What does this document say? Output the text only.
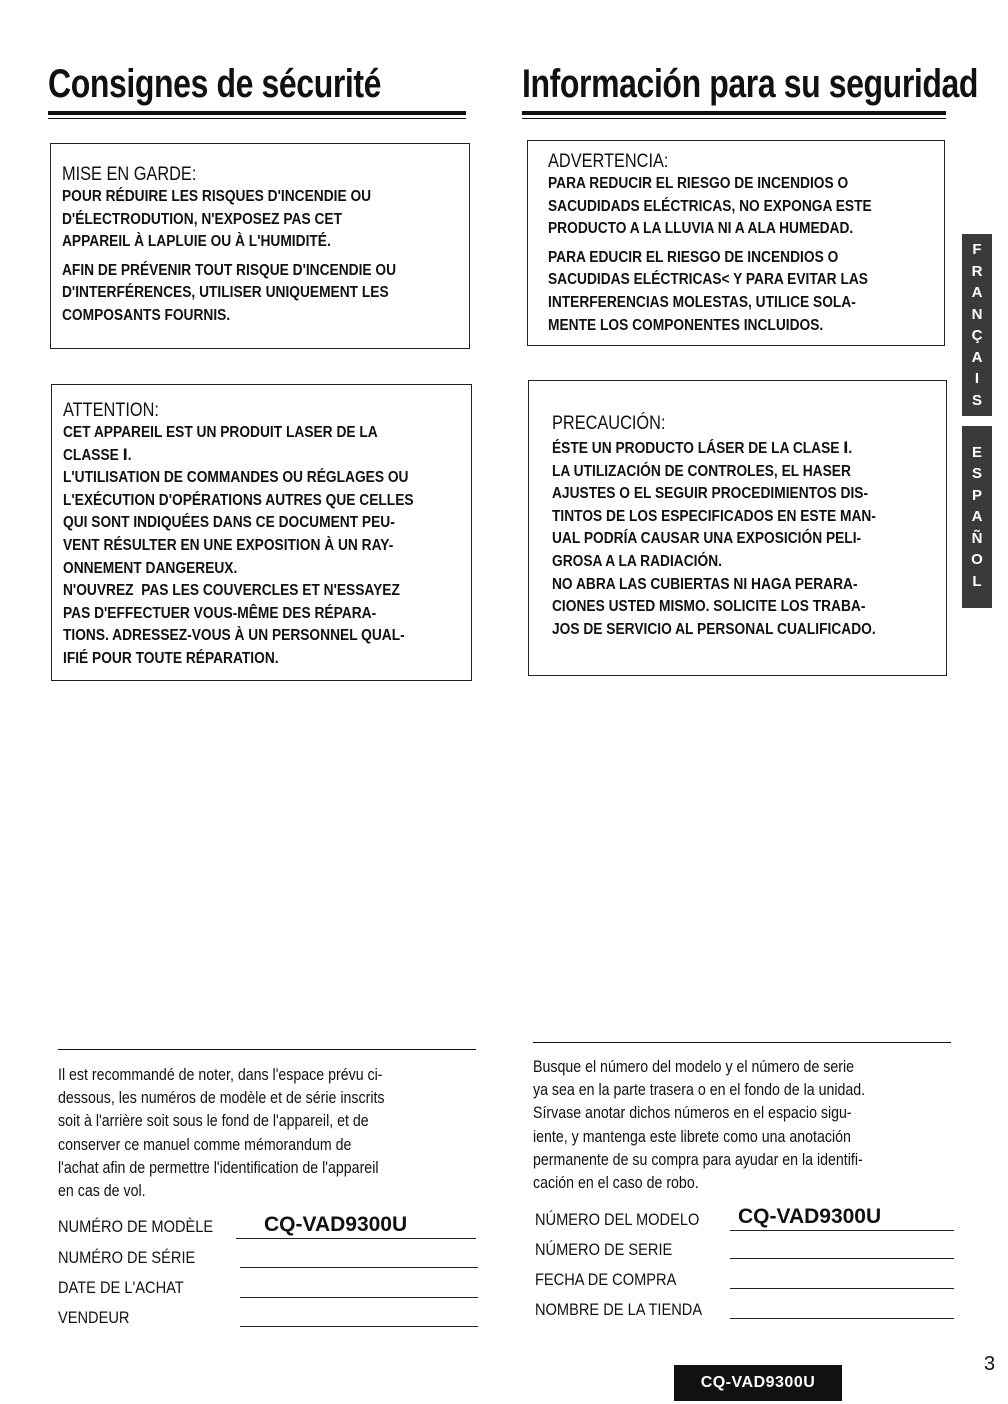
Consignes de sécurité
MISE EN GARDE:

POUR RÉDUIRE LES RISQUES D'INCENDIE OU
D'ÉLECTRODUTION, N'EXPOSEZ PAS CET
APPAREIL À LAPLUIE OU À L'HUMIDITÉ.

AFIN DE PRÉVENIR TOUT RISQUE D'INCENDIE OU
D'INTERFÉRENCES, UTILISER UNIQUEMENT LES
COMPOSANTS FOURNIS.

ATTENTION:

CET APPAREIL EST UN PRODUIT LASER DE LA
CLASSE Ⅰ.
L'UTILISATION DE COMMANDES OU RÉGLAGES OU
L'EXÉCUTION D'OPÉRATIONS AUTRES QUE CELLES
QUI SONT INDIQUÉES DANS CE DOCUMENT PEU-
VENT RÉSULTER EN UNE EXPOSITION À UN RAY-
ONNEMENT DANGEREUX.
N'OUVREZ  PAS LES COUVERCLES ET N'ESSAYEZ
PAS D'EFFECTUER VOUS-MÊME DES RÉPARA-
TIONS. ADRESSEZ-VOUS À UN PERSONNEL QUAL-
IFIÉ POUR TOUTE RÉPARATION.

Información para su seguridad
ADVERTENCIA:

PARA REDUCIR EL RIESGO DE INCENDIOS O
SACUDIDADS ELÉCTRICAS, NO EXPONGA ESTE
PRODUCTO A LA LLUVIA NI A ALA HUMEDAD.

PARA EDUCIR EL RIESGO DE INCENDIOS O
SACUDIDAS ELÉCTRICAS< Y PARA EVITAR LAS
INTERFERENCIAS MOLESTAS, UTILICE SOLA-
MENTE LOS COMPONENTES INCLUIDOS.

PRECAUCIÓN:

ÉSTE UN PRODUCTO LÁSER DE LA CLASE Ⅰ.
LA UTILIZACIÓN DE CONTROLES, EL HASER
AJUSTES O EL SEGUIR PROCEDIMIENTOS DIS-
TINTOS DE LOS ESPECIFICADOS EN ESTE MAN-
UAL PODRÍA CAUSAR UNA EXPOSICIÓN PELI-
GROSA A LA RADIACIÓN.
NO ABRA LAS CUBIERTAS NI HAGA PERARA-
CIONES USTED MISMO. SOLICITE LOS TRABA-
JOS DE SERVICIO AL PERSONAL CUALIFICADO.

F
R
A
N
Ç
A
I
S
E
S
P
A
Ñ
O
L
Il est recommandé de noter, dans l'espace prévu ci-
dessous, les numéros de modèle et de série inscrits
soit à l'arrière soit sous le fond de l'appareil, et de
conserver ce manuel comme mémorandum de
l'achat afin de permettre l'identification de l'appareil
en cas de vol.
NUMÉRO DE MODÈLE CQ-VAD9300U
NUMÉRO DE SÉRIE
DATE DE L'ACHAT
VENDEUR
Busque el número del modelo y el número de serie
ya sea en la parte trasera o en el fondo de la unidad.
Sírvase anotar dichos números en el espacio sigu-
iente, y mantenga este librete como una anotación
permanente de su compra para ayudar en la identifi-
cación en el caso de robo.
NÚMERO DEL MODELO CQ-VAD9300U
NÚMERO DE SERIE
FECHA DE COMPRA
NOMBRE DE LA TIENDA
CQ-VAD9300U
3
